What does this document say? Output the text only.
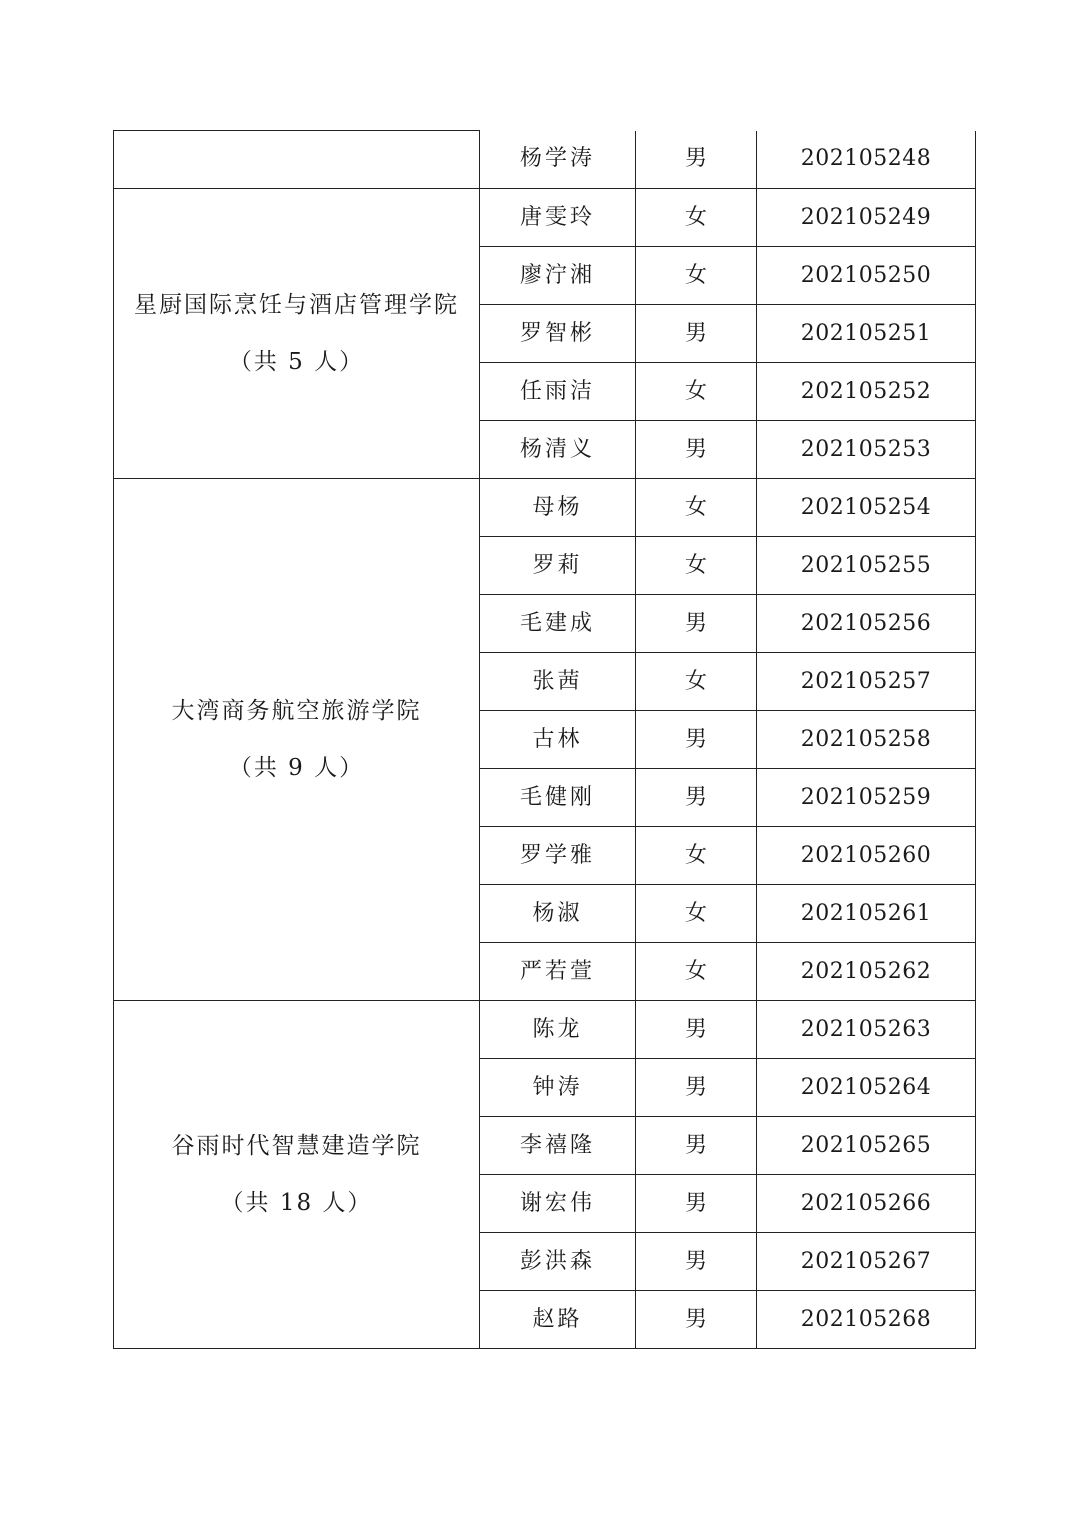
	杨学涛	男	202105248

星厨国际烹饪与酒店管理学院
（共 5 人）	唐雯玲	女	202105249
	廖泞湘	女	202105250
	罗智彬	男	202105251
	任雨洁	女	202105252
	杨清义	男	202105253

大湾商务航空旅游学院
（共 9 人）	母杨	女	202105254
	罗莉	女	202105255
	毛建成	男	202105256
	张茜	女	202105257
	古林	男	202105258
	毛健刚	男	202105259
	罗学雅	女	202105260
	杨淑	女	202105261
	严若萱	女	202105262

谷雨时代智慧建造学院
（共 18 人）	陈龙	男	202105263
	钟涛	男	202105264
	李禧隆	男	202105265
	谢宏伟	男	202105266
	彭洪森	男	202105267
	赵路	男	202105268
